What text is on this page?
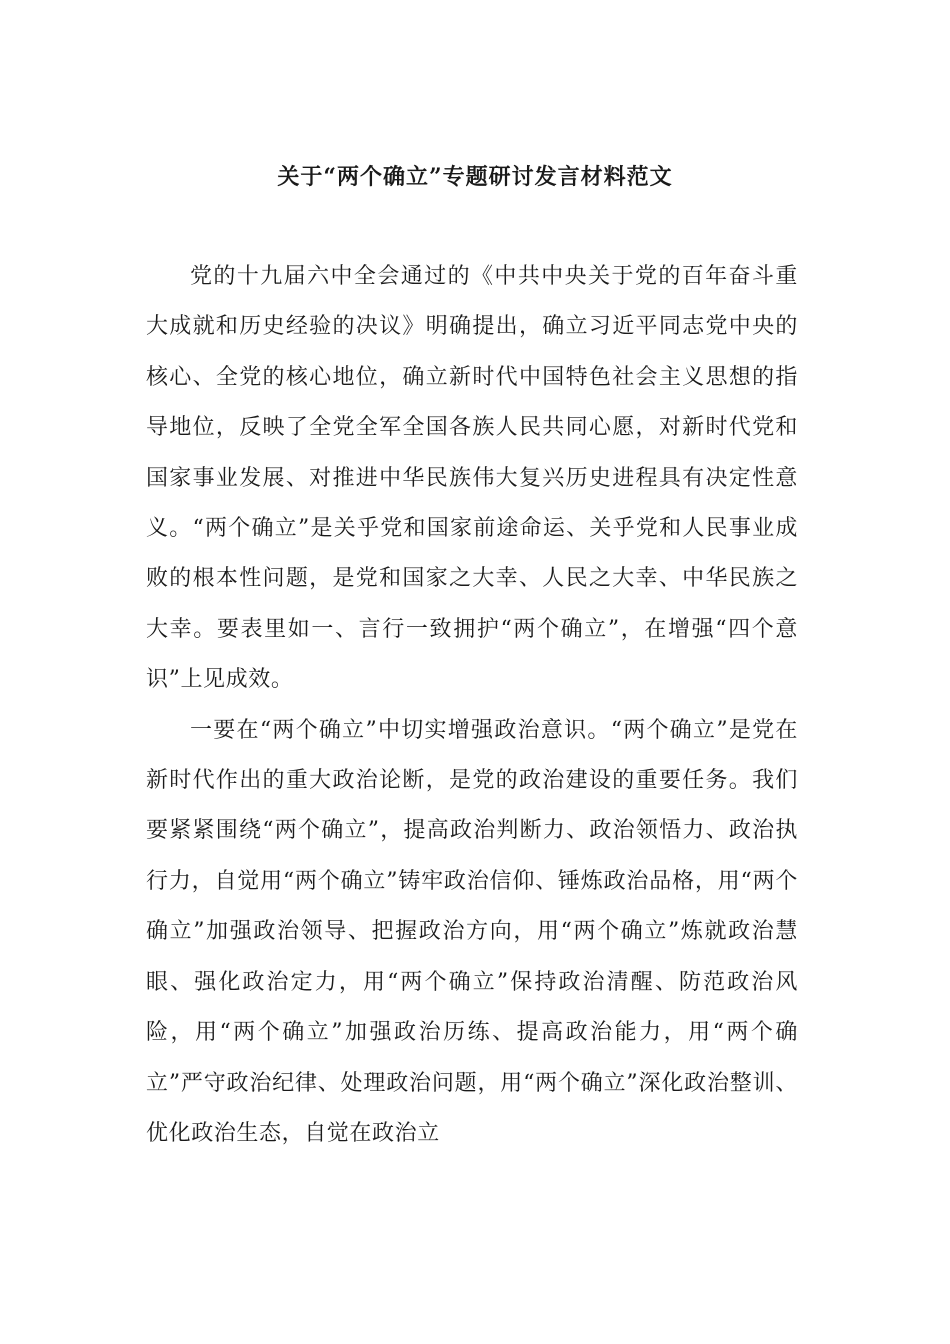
关于“两个确立”专题研讨发言材料范文

党的十九届六中全会通过的《中共中央关于党的百年奋斗重大成就和历史经验的决议》明确提出，确立习近平同志党中央的核心、全党的核心地位，确立新时代中国特色社会主义思想的指导地位，反映了全党全军全国各族人民共同心愿，对新时代党和国家事业发展、对推进中华民族伟大复兴历史进程具有决定性意义。“两个确立”是关乎党和国家前途命运、关乎党和人民事业成败的根本性问题，是党和国家之大幸、人民之大幸、中华民族之大幸。要表里如一、言行一致拥护“两个确立”，在增强“四个意识”上见成效。

一要在“两个确立”中切实增强政治意识。“两个确立”是党在新时代作出的重大政治论断，是党的政治建设的重要任务。我们要紧紧围绕“两个确立”，提高政治判断力、政治领悟力、政治执行力，自觉用“两个确立”铸牢政治信仰、锤炼政治品格，用“两个确立”加强政治领导、把握政治方向，用“两个确立”炼就政治慧眼、强化政治定力，用“两个确立”保持政治清醒、防范政治风险，用“两个确立”加强政治历练、提高政治能力，用“两个确立”严守政治纪律、处理政治问题，用“两个确立”深化政治整训、优化政治生态，自觉在政治立
